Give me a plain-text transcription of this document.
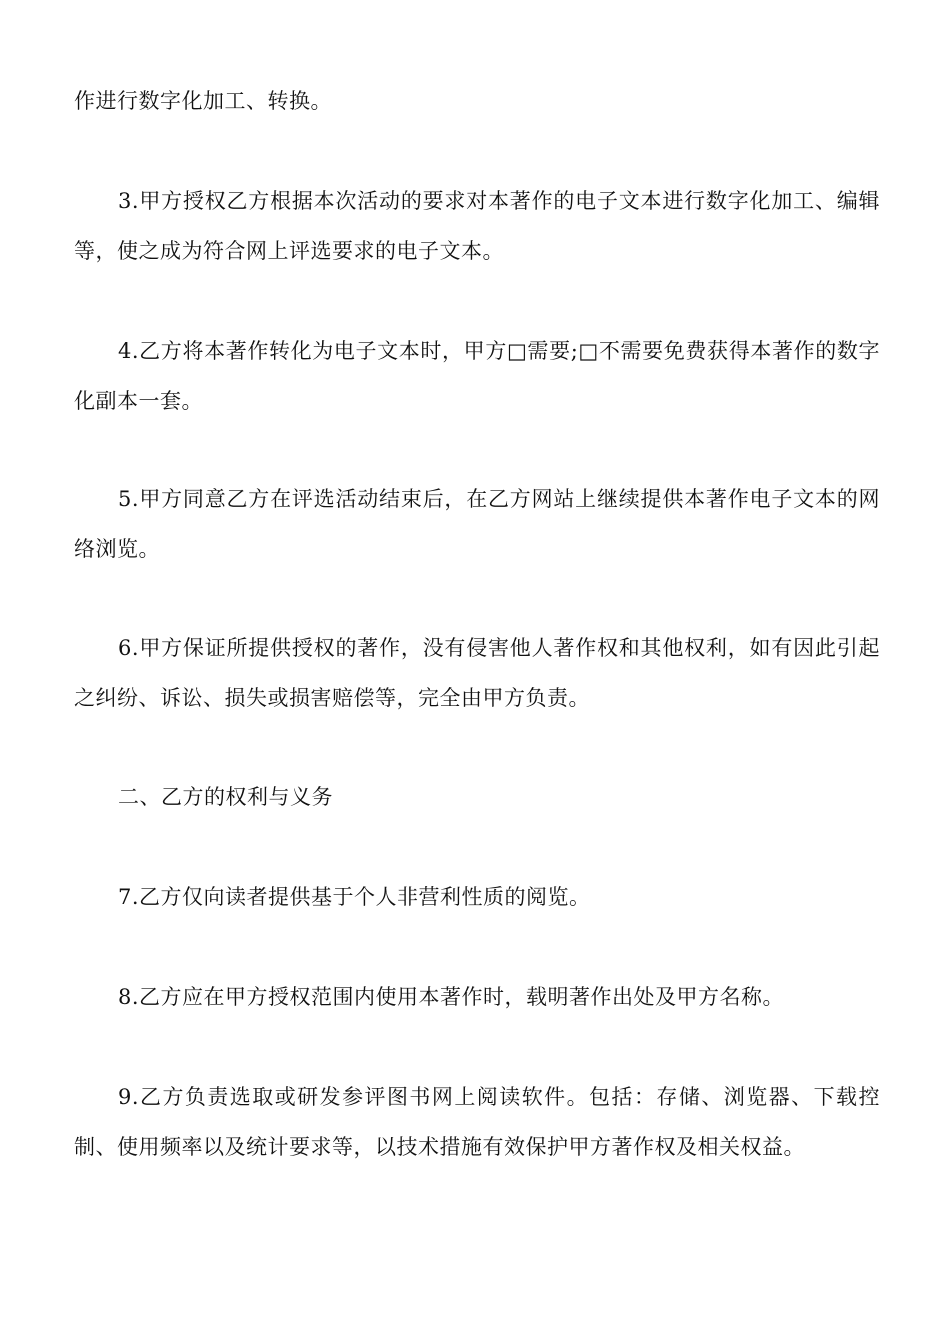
作进行数字化加工、转换。

3.甲方授权乙方根据本次活动的要求对本著作的电子文本进行数字化加工、编辑等，使之成为符合网上评选要求的电子文本。

4.乙方将本著作转化为电子文本时，甲方□需要;□不需要免费获得本著作的数字化副本一套。

5.甲方同意乙方在评选活动结束后，在乙方网站上继续提供本著作电子文本的网络浏览。

6.甲方保证所提供授权的著作，没有侵害他人著作权和其他权利，如有因此引起之纠纷、诉讼、损失或损害赔偿等，完全由甲方负责。

二、乙方的权利与义务

7.乙方仅向读者提供基于个人非营利性质的阅览。

8.乙方应在甲方授权范围内使用本著作时，载明著作出处及甲方名称。

9.乙方负责选取或研发参评图书网上阅读软件。包括：存储、浏览器、下载控制、使用频率以及统计要求等，以技术措施有效保护甲方著作权及相关权益。
